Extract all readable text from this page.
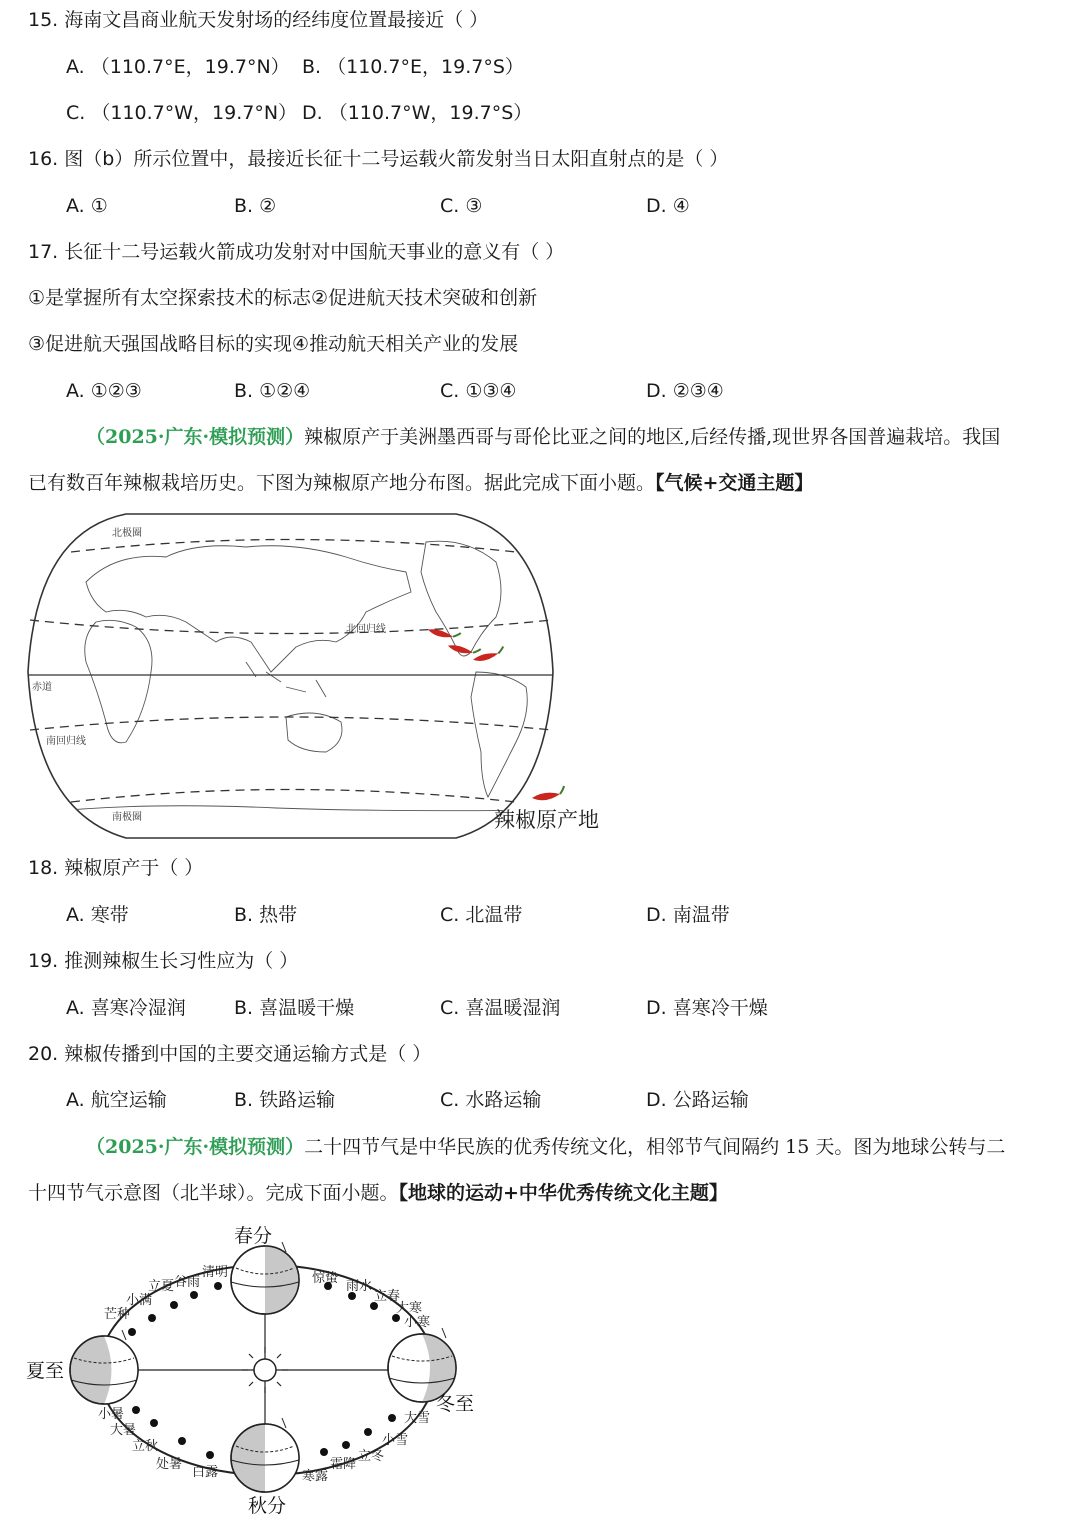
15. 海南文昌商业航天发射场的经纬度位置最接近（ ）
A. （110.7°E，19.7°N） B. （110.7°E，19.7°S）
C. （110.7°W，19.7°N） D. （110.7°W，19.7°S）
16. 图（b）所示位置中，最接近长征十二号运载火箭发射当日太阳直射点的是（ ）
A. ①	B. ②	C. ③	D. ④
17. 长征十二号运载火箭成功发射对中国航天事业的意义有（ ）
①是掌握所有太空探索技术的标志②促进航天技术突破和创新
③促进航天强国战略目标的实现④推动航天相关产业的发展
A. ①②③	B. ①②④	C. ①③④	D. ②③④
（2025·广东·模拟预测）辣椒原产于美洲墨西哥与哥伦比亚之间的地区,后经传播,现世界各国普遍栽培。我国
已有数百年辣椒栽培历史。下图为辣椒原产地分布图。据此完成下面小题。【气候+交通主题】
北极圈
北回归线
赤道
南回归线
南极圈	辣椒原产地
18. 辣椒原产于（ ）
A. 寒带	B. 热带	C. 北温带	D. 南温带
19. 推测辣椒生长习性应为（ ）
A. 喜寒冷湿润	B. 喜温暖干燥	C. 喜温暖湿润	D. 喜寒冷干燥
20. 辣椒传播到中国的主要交通运输方式是（ ）
A. 航空运输	B. 铁路运输	C. 水路运输	D. 公路运输
（2025·广东·模拟预测）二十四节气是中华民族的优秀传统文化，相邻节气间隔约 15 天。图为地球公转与二
十四节气示意图（北半球）。完成下面小题。【地球的运动+中华优秀传统文化主题】
春分
夏至
秋分
冬至
清明
谷雨
立夏
小满
芒种
惊蛰
雨水
立春
大寒
小寒
小暑
大暑
立秋
处暑
白露
大雪
小雪
立冬
霜降
寒露
